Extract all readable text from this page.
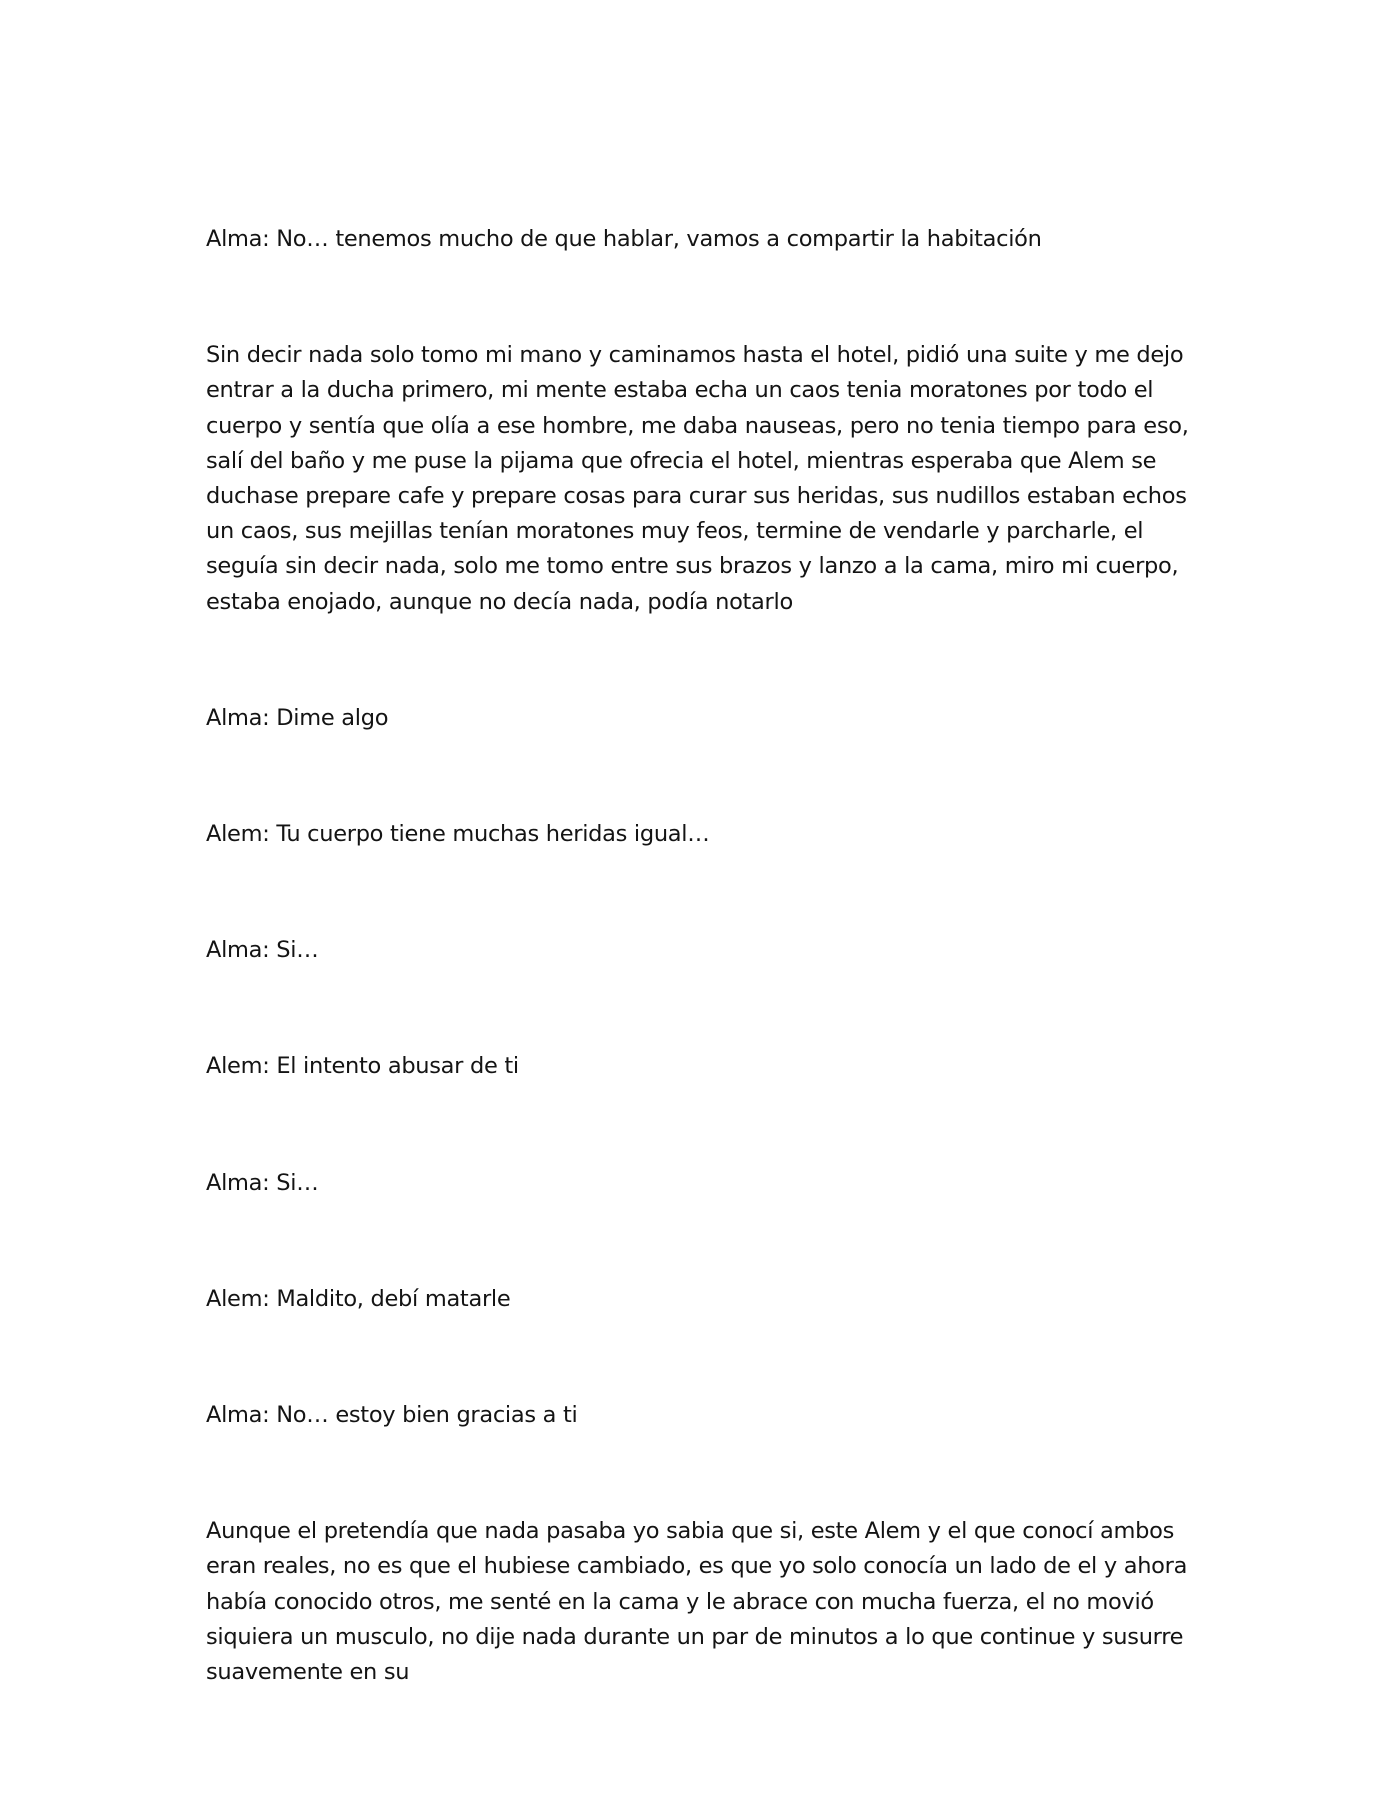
Alma: No… tenemos mucho de que hablar, vamos a compartir la habitación

Sin decir nada solo tomo mi mano y caminamos hasta el hotel, pidió una suite y me dejo entrar a la ducha primero, mi mente estaba echa un caos tenia moratones por todo el cuerpo y sentía que olía a ese hombre, me daba nauseas, pero no tenia tiempo para eso, salí del baño y me puse la pijama que ofrecia el hotel, mientras esperaba que Alem se duchase prepare cafe y prepare cosas para curar sus heridas, sus nudillos estaban echos un caos, sus mejillas tenían moratones muy feos, termine de vendarle y parcharle, el seguía sin decir nada, solo me tomo entre sus brazos y lanzo a la cama, miro mi cuerpo, estaba enojado, aunque no decía nada, podía notarlo

Alma: Dime algo

Alem: Tu cuerpo tiene muchas heridas igual…

Alma: Si…

Alem: El intento abusar de ti

Alma: Si…

Alem: Maldito, debí matarle

Alma: No… estoy bien gracias a ti

Aunque el pretendía que nada pasaba yo sabia que si, este Alem y el que conocí ambos eran reales, no es que el hubiese cambiado, es que yo solo conocía un lado de el y ahora había conocido otros, me senté en la cama y le abrace con mucha fuerza, el no movió siquiera un musculo, no dije nada durante un par de minutos a lo que continue y susurre suavemente en su
